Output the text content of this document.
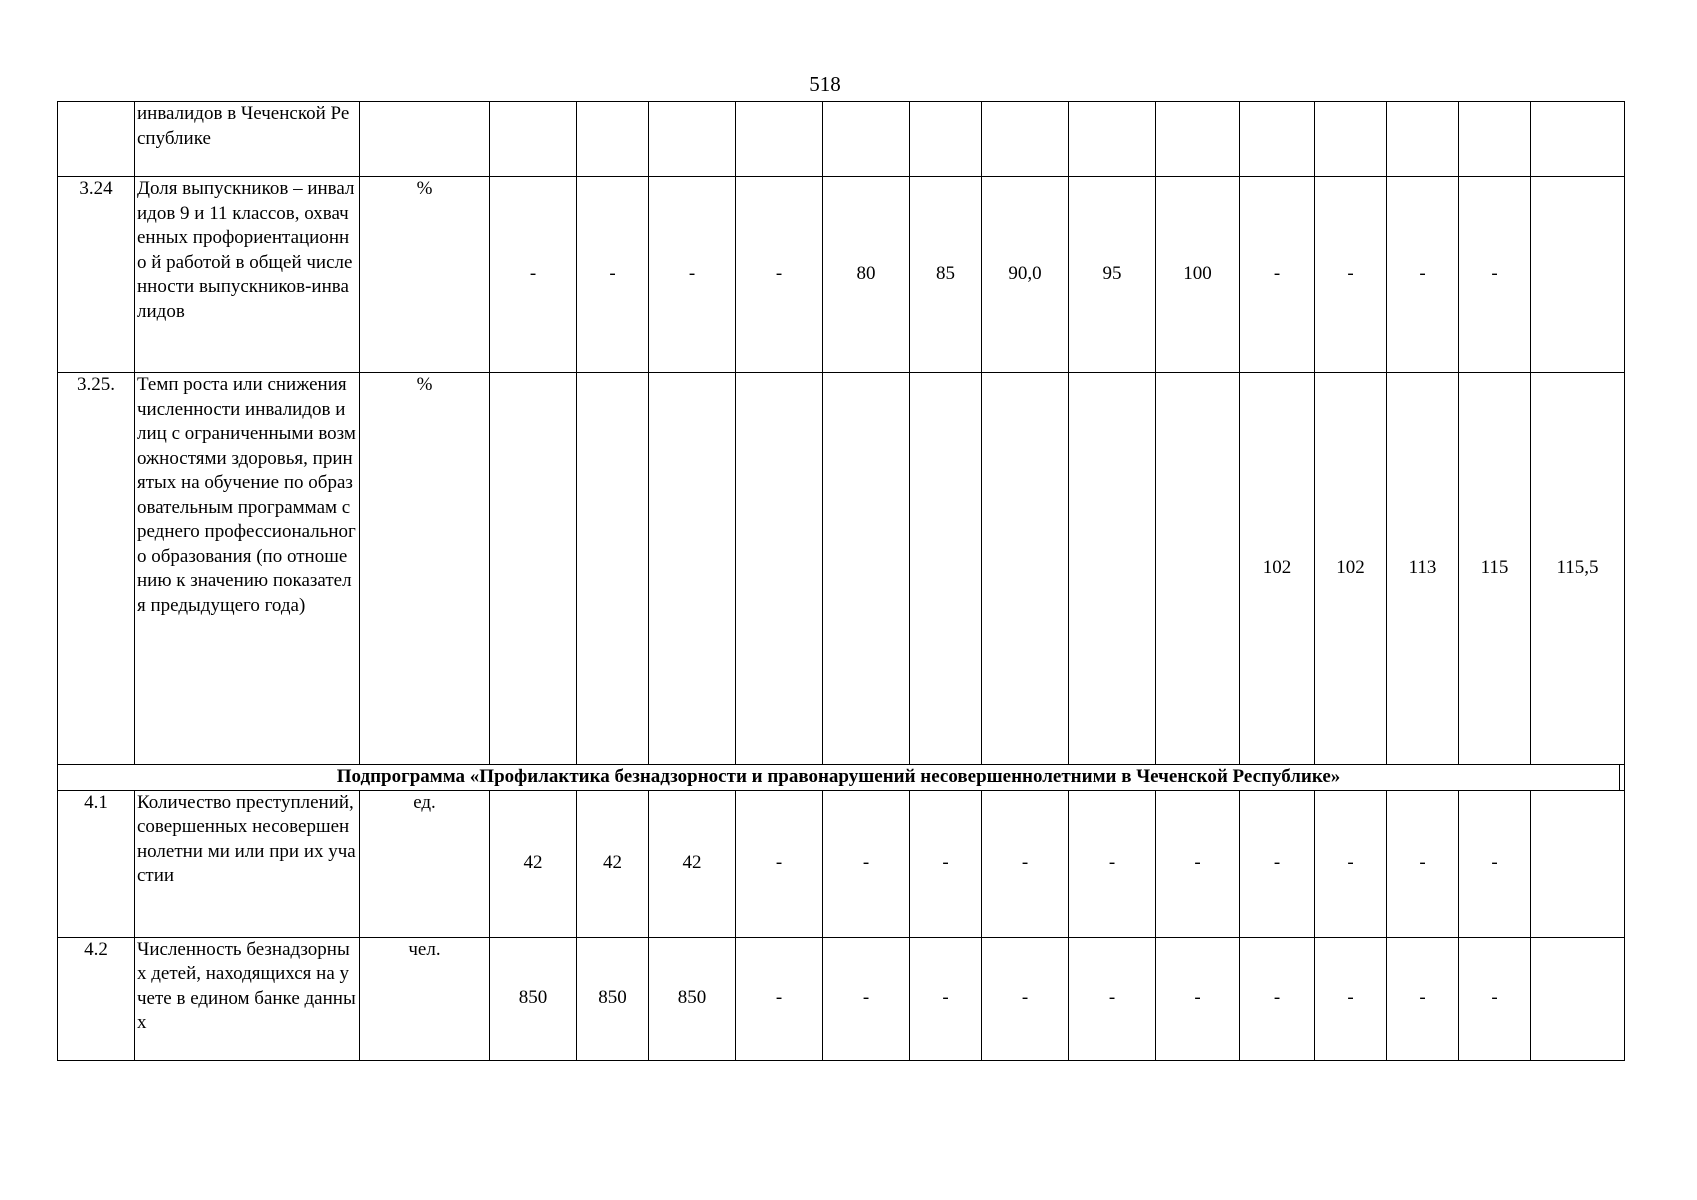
518
	инвалидов в Чеченской Республике																
3.24	Доля выпускников – инвалидов 9 и 11 классов, охваченных профориентационно й работой в общей численности выпускников-инвалидов	%	-	-	-	-	80	85	90,0	95	100	-	-	-	-		
3.25.	Темп роста или снижения численности инвалидов и лиц с ограниченными возможностями здоровья, принятых на обучение по образовательным программам среднего профессионального образования (по отношению к значению показателя предыдущего года)	%										102	102	113	115	115,5	
Подпрограмма «Профилактика безнадзорности и правонарушений несовершеннолетними в Чеченской Республике»																	
4.1	Количество преступлений, совершенных несовершеннолетни ми или при их участии	ед.	42	42	42	-	-	-	-	-	-	-	-	-	-		
4.2	Численность безнадзорных детей, находящихся на учете в едином банке данных	чел.	850	850	850	-	-	-	-	-	-	-	-	-	-		
